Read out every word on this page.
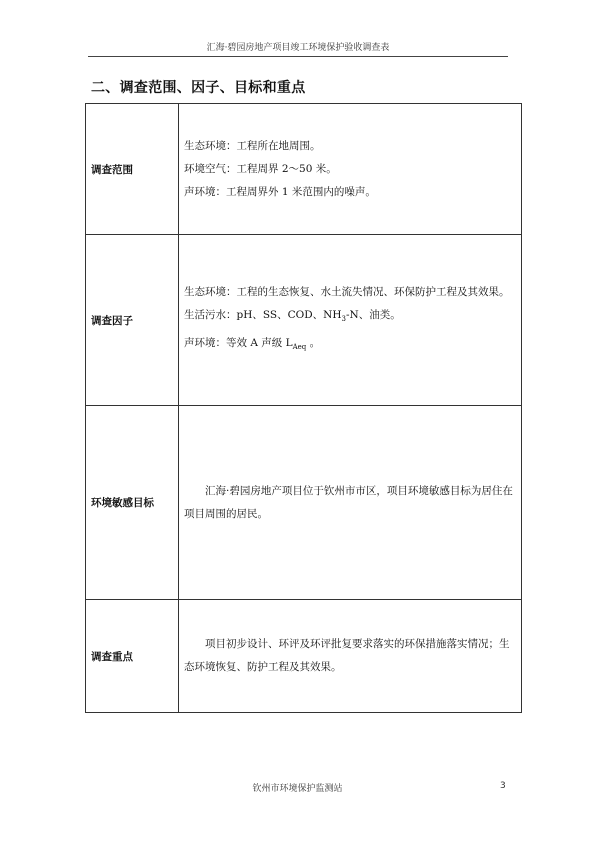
汇海·碧园房地产项目竣工环境保护验收调查表
二、调查范围、因子、目标和重点
调查范围	生态环境：工程所在地周围。
环境空气：工程周界 2～50 米。
声环境：工程周界外 1 米范围内的噪声。

调查因子	生态环境：工程的生态恢复、水土流失情况、环保防护工程及其效果。
生活污水：pH、SS、COD、$NH_3-N$、油类。
声环境：等效 A 声级 $L_{Aeq}$ 。

环境敏感目标	汇海·碧园房地产项目位于钦州市市区，项目环境敏感目标为居住在项目周围的居民。

调查重点	项目初步设计、环评及环评批复要求落实的环保措施落实情况；生态环境恢复、防护工程及其效果。
钦州市环境保护监测站	3
